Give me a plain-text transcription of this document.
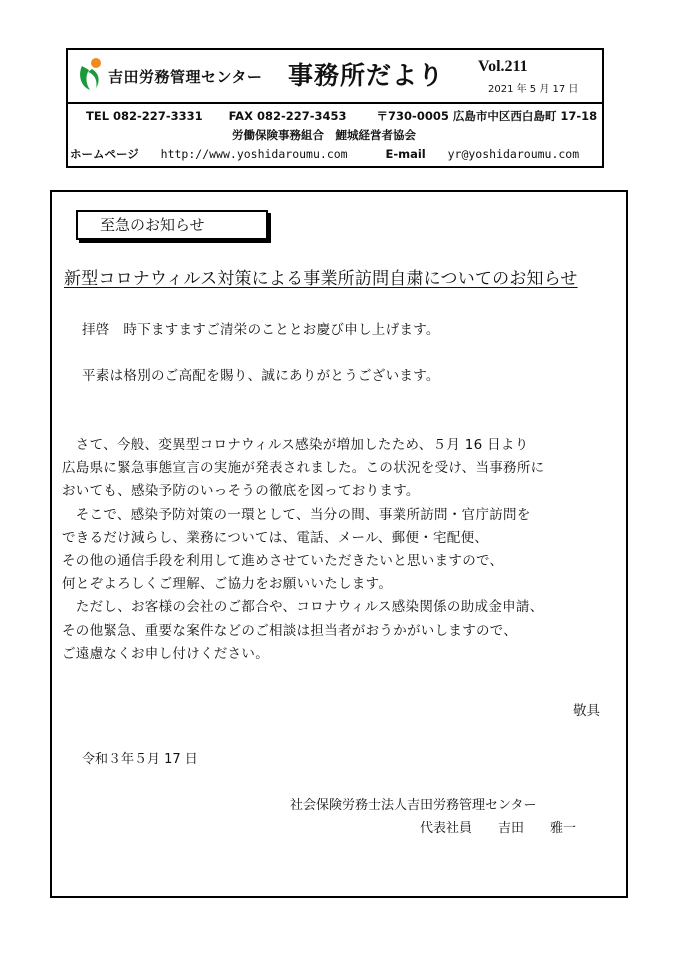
吉田労務管理センター 事務所だより Vol.211
2021 年 5 月 17 日
TEL 082-227-3331 FAX 082-227-3453	〒730-0005 広島市中区西白島町 17-18
労働保険事務組合　鯉城経営者協会
ホームページ http://www.yoshidaroumu.com	E-mail yr@yoshidaroumu.com
至急のお知らせ
新型コロナウィルス対策による事業所訪問自粛についてのお知らせ
拝啓　時下ますますご清栄のこととお慶び申し上げます。
平素は格別のご高配を賜り、誠にありがとうございます。
　さて、今般、変異型コロナウィルス感染が増加したため、５月 16 日より
広島県に緊急事態宣言の実施が発表されました。この状況を受け、当事務所に
おいても、感染予防のいっそうの徹底を図っております。
　そこで、感染予防対策の一環として、当分の間、事業所訪問・官庁訪問を
できるだけ減らし、業務については、電話、メール、郵便・宅配便、
その他の通信手段を利用して進めさせていただきたいと思いますので、
何とぞよろしくご理解、ご協力をお願いいたします。
　ただし、お客様の会社のご都合や、コロナウィルス感染関係の助成金申請、
その他緊急、重要な案件などのご相談は担当者がおうかがいしますので、
ご遠慮なくお申し付けください。
敬具
令和３年５月 17 日
社会保険労務士法人吉田労務管理センター
代表社員　　吉田　　雅一
